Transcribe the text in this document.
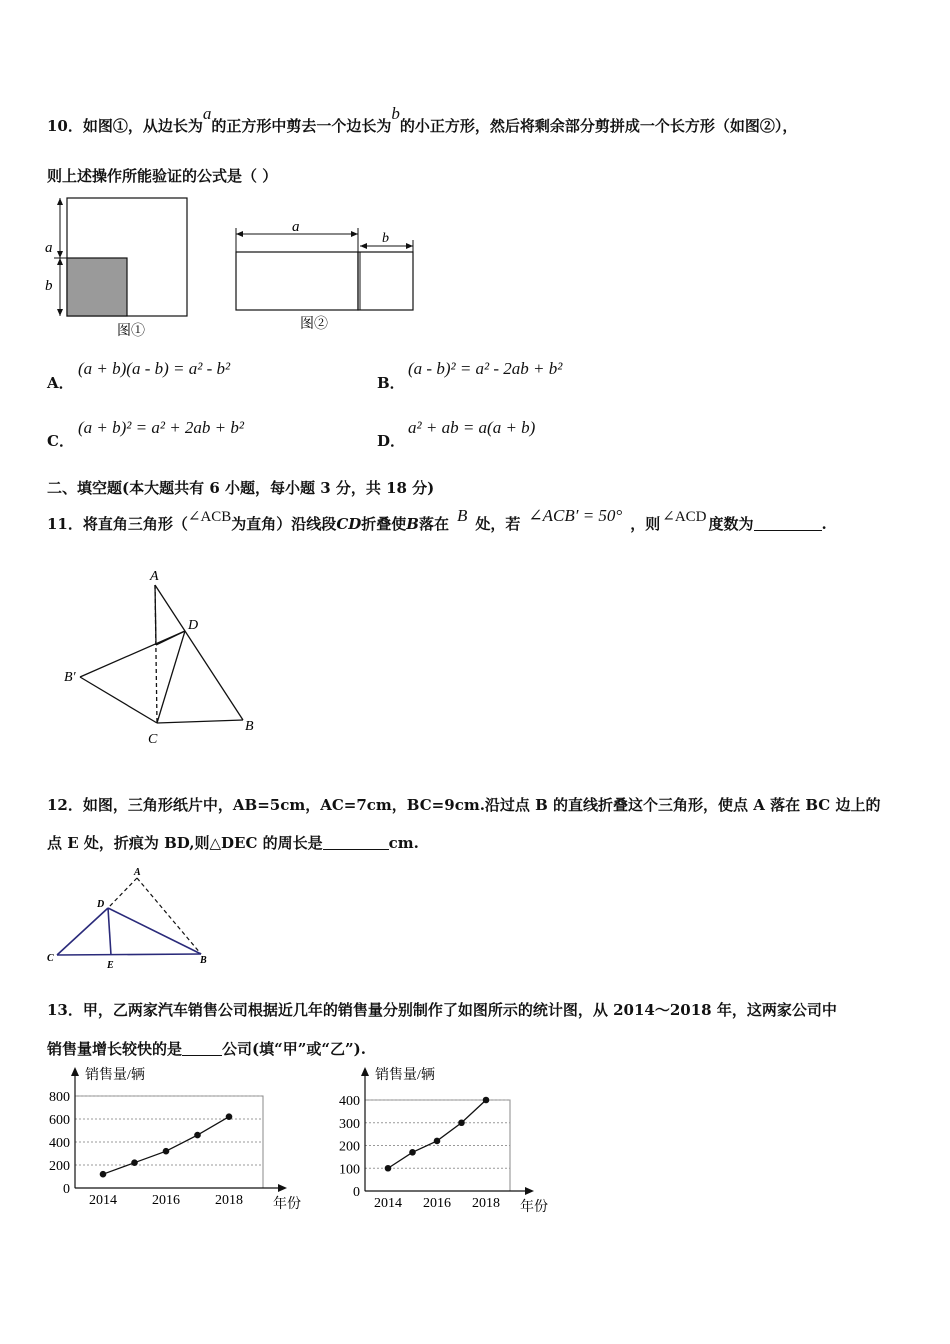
10．如图①，从边长为a的正方形中剪去一个边长为b的小正方形，然后将剩余部分剪拼成一个长方形（如图②），
则上述操作所能验证的公式是（ ）
a
b
图①
a
b
图②
A．
(a + b)(a - b) = a² - b²
B．
(a - b)² = a² - 2ab + b²
C．
(a + b)² = a² + 2ab + b²
D．
a² + ab = a(a + b)
二、填空题(本大题共有 6 小题，每小题 3 分，共 18 分)
11．将直角三角形（∠ACB为直角）沿线段CD折叠使B落在 B 处，若 ∠ACB′ = 50° ，则 ∠ACD 度数为	.
A
D
B′
C
B
12．如图，三角形纸片中，AB=5cm，AC=7cm，BC=9cm.沿过点 B 的直线折叠这个三角形，使点 A 落在 BC 边上的
点 E 处，折痕为 BD,则△DEC 的周长是	cm.
A
D
C
E	B
13．甲，乙两家汽车销售公司根据近几年的销售量分别制作了如图所示的统计图，从 2014～2018 年，这两家公司中
销售量增长较快的是	公司(填“甲”或“乙”).
0
200
400
600
800
销售量/辆
年份
2014	2016	2018
0
100
200
300
400
销售量/辆
年份
2014 2016 2018
